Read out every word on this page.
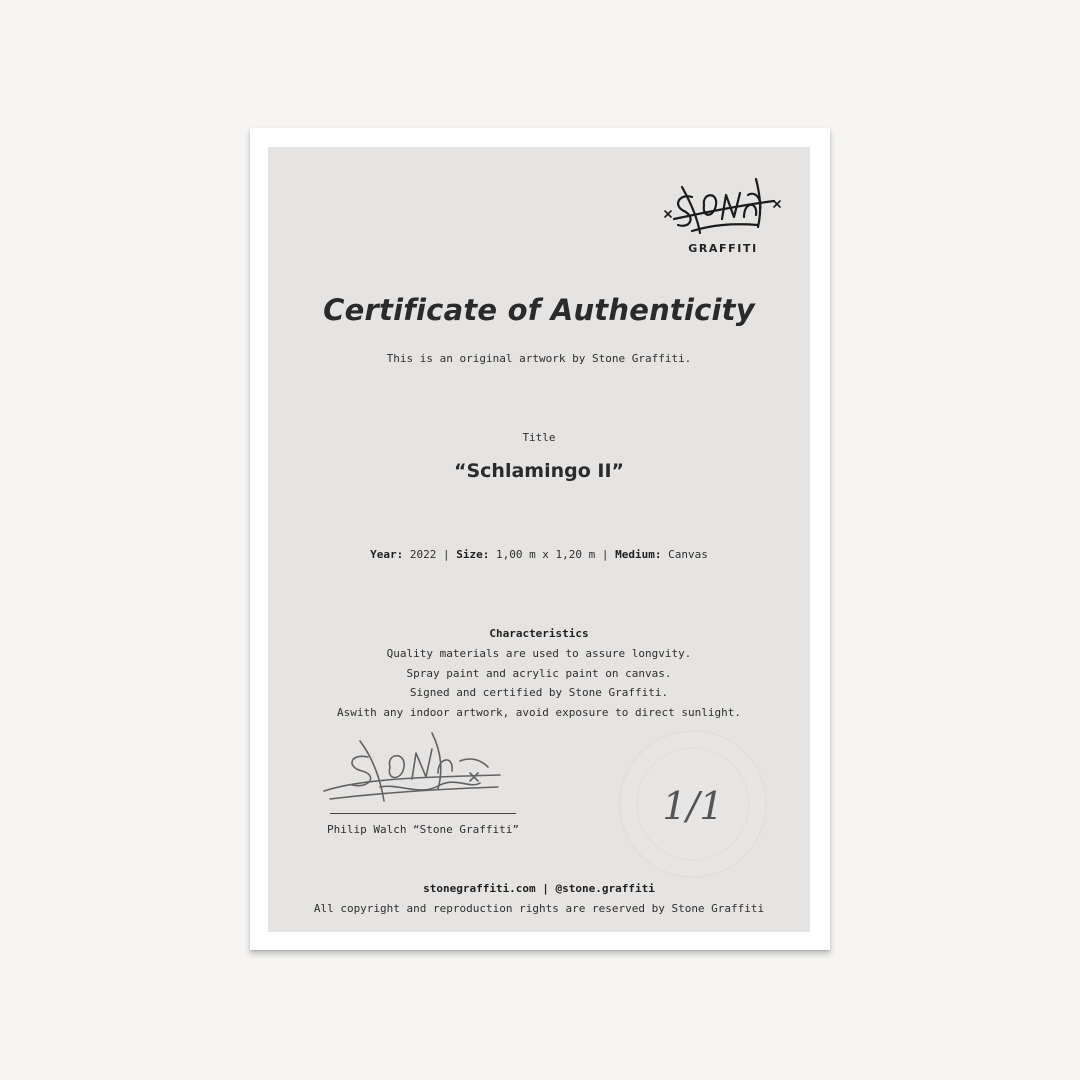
GRAFFITI
Certificate of Authenticity
This is an original artwork by Stone Graffiti.
Title
“Schlamingo II”
Year: 2022 | Size: 1,00 m x 1,20 m | Medium: Canvas
Characteristics
Quality materials are used to assure longvity.
Spray paint and acrylic paint on canvas.
Signed and certified by Stone Graffiti.
Aswith any indoor artwork, avoid exposure to direct sunlight.
Philip Walch “Stone Graffiti”
1/1
stonegraffiti.com | @stone.graffiti
All copyright and reproduction rights are reserved by Stone Graffiti
